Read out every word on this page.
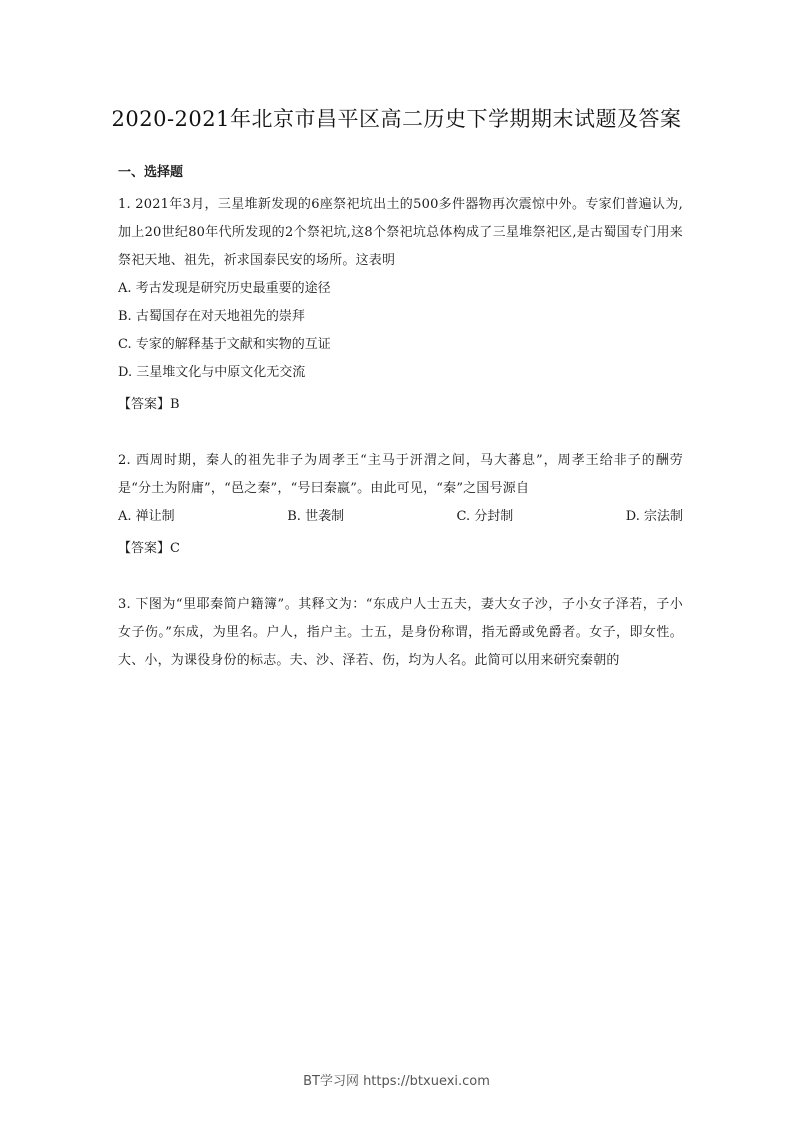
2020-2021年北京市昌平区高二历史下学期期末试题及答案
一、选择题
1. 2021年3月，三星堆新发现的6座祭祀坑出土的500多件器物再次震惊中外。专家们普遍认为,加上20世纪80年代所发现的2个祭祀坑,这8个祭祀坑总体构成了三星堆祭祀区,是古蜀国专门用来祭祀天地、祖先，祈求国泰民安的场所。这表明
A. 考古发现是研究历史最重要的途径
B. 古蜀国存在对天地祖先的崇拜
C. 专家的解释基于文献和实物的互证
D. 三星堆文化与中原文化无交流
【答案】B
2. 西周时期，秦人的祖先非子为周孝王“主马于汧渭之间，马大蕃息”，周孝王给非子的酬劳是“分土为附庸”，“邑之秦”，“号曰秦嬴”。由此可见，“秦”之国号源自
A. 禅让制	B. 世袭制	C. 分封制	D. 宗法制
【答案】C
3. 下图为“里耶秦简户籍簿”。其释文为：“东成户人士五夫，妻大女子沙，子小女子泽若，子小女子伤。”东成，为里名。户人，指户主。士五，是身份称谓，指无爵或免爵者。女子，即女性。大、小，为课役身份的标志。夫、沙、泽若、伤，均为人名。此简可以用来研究秦朝的
BT学习网 https://btxuexi.com
